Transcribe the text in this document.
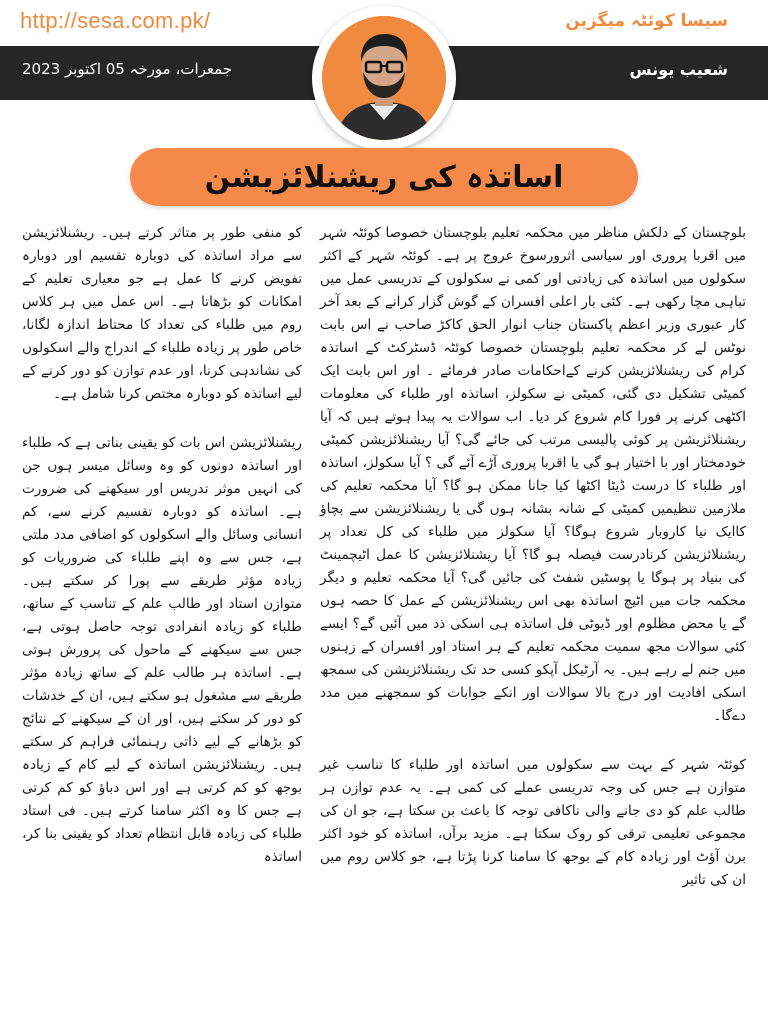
http://sesa.com.pk/	سیسا کوئٹہ میگزین
جمعرات، مورخہ 05 اکتوبر 2023	شعیب یونس
اساتذہ کی ریشنلائزیشن

بلوچستان کے دلکش مناظر میں محکمہ تعلیم بلوچستان خصوصا کوئٹہ شہر میں اقربا پروری اور سیاسی اثرورسوخ عروج پر ہے۔ کوئٹہ شہر کے اکثر سکولوں میں اساتذہ کی زیادتی اور کمی نے سکولوں کے تدریسی عمل میں تباہی مچا رکھی ہے۔ کئی بار اعلی افسران کے گوش گزار کرانے کے بعد آخر کار عبوری وزیر اعظم پاکستان جناب انوار الحق کاکڑ صاحب نے اس بابت نوٹس لے کر محکمہ تعلیم بلوچستان خصوصا کوئٹہ ڈسٹرکٹ کے اساتذہ کرام کی ریشنلائزیشن کرنے کےاحکامات صادر فرمائے ۔ اور اس بابت ایک کمیٹی تشکیل دی گئی، کمیٹی نے سکولز، اساتذہ اور طلباء کی معلومات اکٹھی کرنے پر فورا کام شروع کر دیا۔ اب سوالات یہ پیدا ہوتے ہیں کہ آیا ریشنلائزیشن پر کوئی پالیسی مرتب کی جائے گی؟ آیا ریشنلائزیشن کمیٹی خودمختار اور با اختیار ہو گی یا اقربا پروری آڑے آئے گی ؟ آیا سکولز، اساتذہ اور طلباء کا درست ڈیٹا اکٹھا کیا جانا ممکن ہو گا؟ آیا محکمہ تعلیم کی ملازمین تنظیمیں کمیٹی کے شانہ بشانہ ہوں گی یا ریشنلائزیشن سے بچاؤ کاایک نیا کاروبار شروع ہوگا؟ آیا سکولز میں طلباء کی کل تعداد پر ریشنلائزیشن کرنادرست فیصلہ ہو گا؟ آیا ریشنلائزیشن کا عمل اٹیچمینٹ کی بنیاد پر ہوگا یا پوسٹیں شفٹ کی جائیں گی؟ آیا محکمہ تعلیم و دیگر محکمہ جات میں اٹیچ اساتذہ بھی اس ریشنلائزیشن کے عمل کا حصہ ہوں گے یا محض مظلوم اور ڈیوٹی فل اساتذہ ہی اسکی ذد میں آئیں گے؟ ایسے کئی سوالات مجھ سمیت محکمہ تعلیم کے ہر استاد اور افسران کے زہنوں میں جنم لے رہے ہیں۔ یہ آرٹیکل آپکو کسی حد تک ریشنلائزیشن کی سمجھ اسکی افادیت اور درج بالا سوالات اور انکے جوابات کو سمجھنے میں مدد دےگا۔

کوئٹہ شہر کے بہت سے سکولوں میں اساتذہ اور طلباء کا تناسب غیر متوازن ہے جس کی وجہ تدریسی عملے کی کمی ہے۔ یہ عدم توازن ہر طالب علم کو دی جانے والی ناکافی توجہ کا باعث بن سکتا ہے، جو ان کی مجموعی تعلیمی ترقی کو روک سکتا ہے۔ مزید برآں، اساتذہ کو خود اکثر برن آؤٹ اور زیادہ کام کے بوجھ کا سامنا کرنا پڑتا ہے، جو کلاس روم میں ان کی تاثیر

کو منفی طور پر متاثر کرتے ہیں۔ ریشنلائزیشن سے مراد اساتذہ کی دوبارہ تقسیم اور دوبارہ تفویض کرنے کا عمل ہے جو معیاری تعلیم کے امکانات کو بڑھاتا ہے۔ اس عمل میں ہر کلاس روم میں طلباء کی تعداد کا محتاط اندازہ لگانا، خاص طور پر زیادہ طلباء کے اندراج والے اسکولوں کی نشاندہی کرنا، اور عدم توازن کو دور کرنے کے لیے اساتذہ کو دوبارہ مختص کرنا شامل ہے۔

ریشنلائزیشن اس بات کو یقینی بناتی ہے کہ طلباء اور اساتذہ دونوں کو وہ وسائل میسر ہوں جن کی انہیں موثر تدریس اور سیکھنے کی ضرورت ہے۔ اساتذہ کو دوبارہ تقسیم کرنے سے، کم انسانی وسائل والے اسکولوں کو اضافی مدد ملتی ہے، جس سے وہ اپنے طلباء کی ضروریات کو زیادہ مؤثر طریقے سے پورا کر سکتے ہیں۔ متوازن استاد اور طالب علم کے تناسب کے ساتھ، طلباء کو زیادہ انفرادی توجہ حاصل ہوتی ہے، جس سے سیکھنے کے ماحول کی پرورش ہوتی ہے۔ اساتذہ ہر طالب علم کے ساتھ زیادہ مؤثر طریقے سے مشغول ہو سکتے ہیں، ان کے خدشات کو دور کر سکتے ہیں، اور ان کے سیکھنے کے نتائج کو بڑھانے کے لیے ذاتی رہنمائی فراہم کر سکتے ہیں۔ ریشنلائزیشن اساتذہ کے لیے کام کے زیادہ بوجھ کو کم کرتی ہے اور اس دباؤ کو کم کرتی ہے جس کا وہ اکثر سامنا کرتے ہیں۔ فی استاد طلباء کی زیادہ قابل انتظام تعداد کو یقینی بنا کر، اساتذہ
